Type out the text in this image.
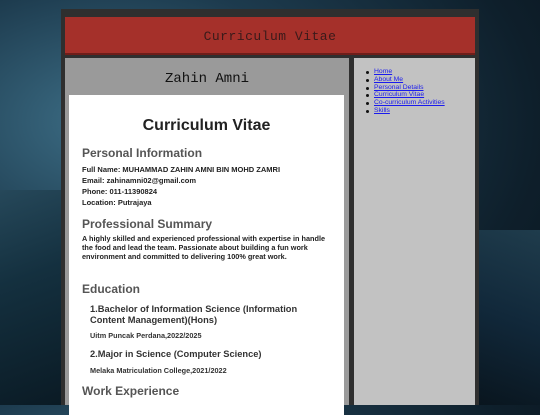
Curriculum Vitae
Zahin Amni
Curriculum Vitae
Personal Information
Full Name: MUHAMMAD ZAHIN AMNI BIN MOHD ZAMRI
Email: zahinamni02@gmail.com
Phone: 011-11390824
Location: Putrajaya
Professional Summary
A highly skilled and experienced professional with expertise in handle the food and lead the team. Passionate about building a fun work environment and committed to delivering 100% great work.
Education
1.Bachelor of Information Science (Information Content Management)(Hons)
Uitm Puncak Perdana,2022/2025
2.Major in Science (Computer Science)
Melaka Matriculation College,2021/2022
Work Experience
Home
About Me
Personal Details
Curriculum Vitae
Co-curriculum Activities
Skills
